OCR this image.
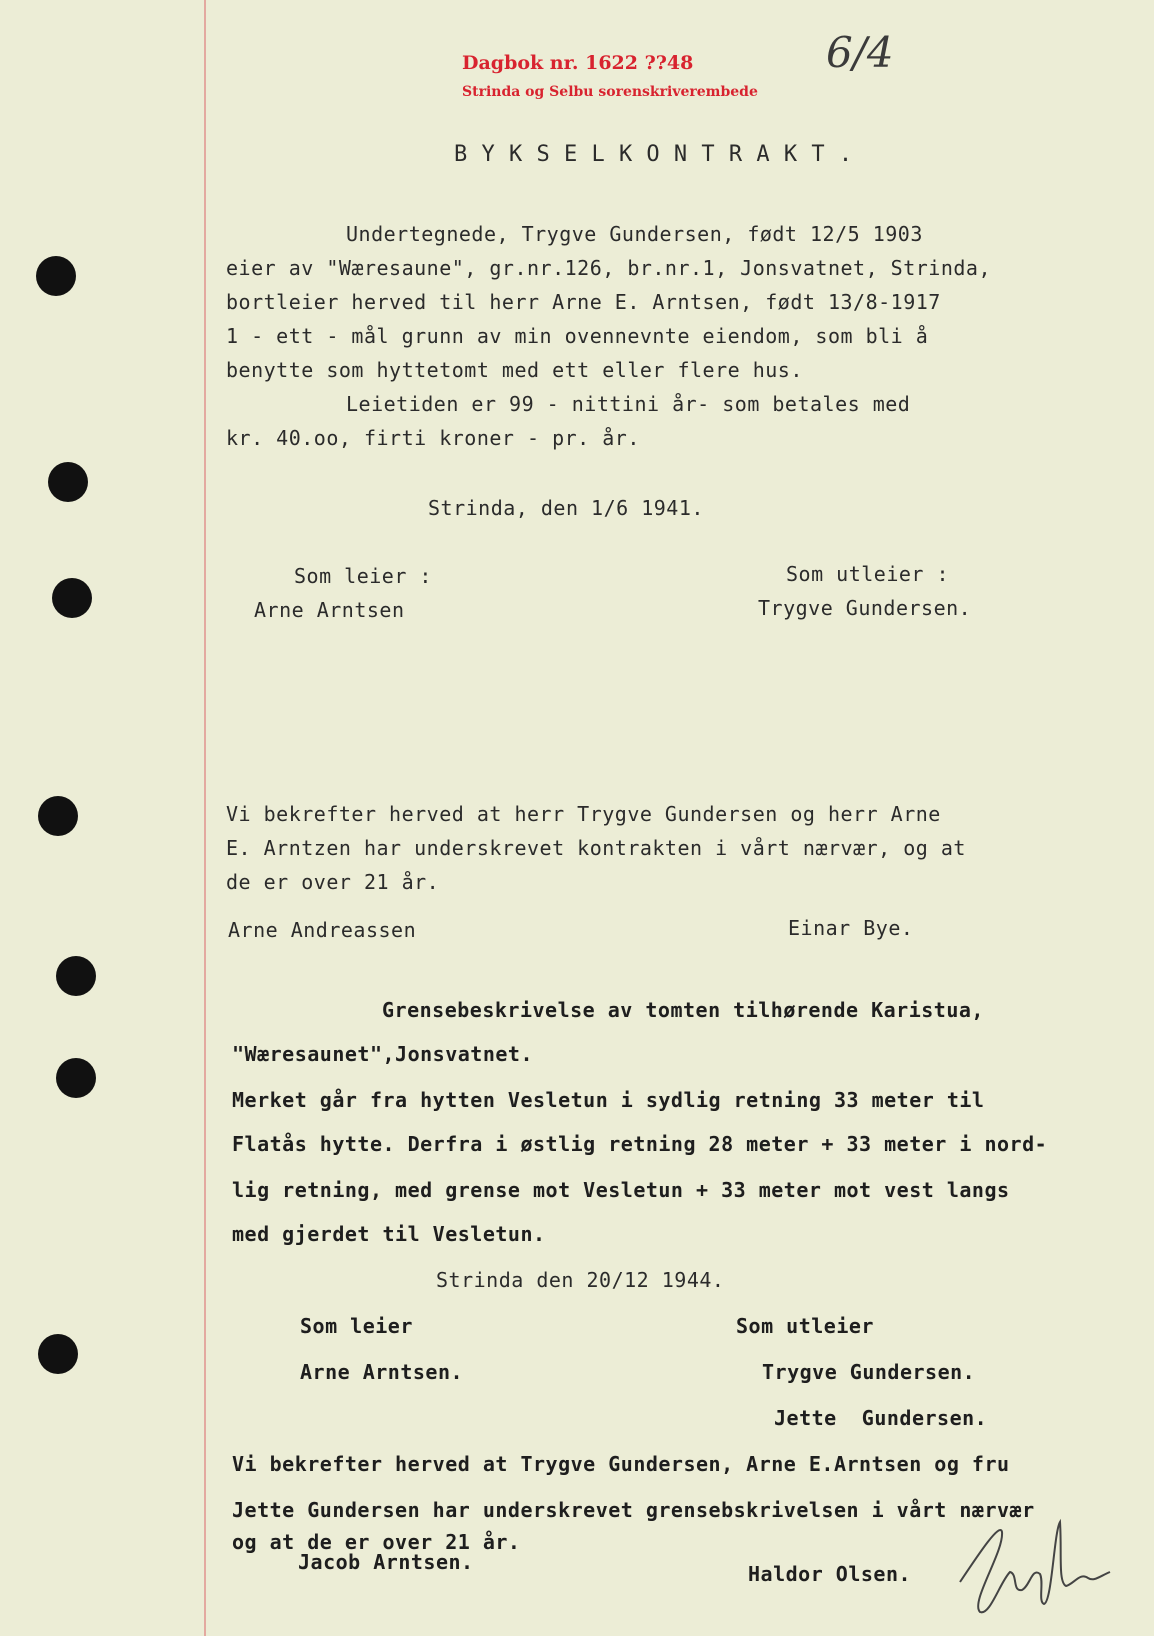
Dagbok nr. 1622 ??48
Strinda og Selbu sorenskriverembede
6/4
B Y K S E L K O N T R A K T .
Undertegnede, Trygve Gundersen, født 12/5 1903
eier av "Wæresaune", gr.nr.126, br.nr.1, Jonsvatnet, Strinda,
bortleier herved til herr Arne E. Arntsen, født 13/8-1917
1 - ett - mål grunn av min ovennevnte eiendom, som bli å
benytte som hyttetomt med ett eller flere hus.
Leietiden er 99 - nittini år- som betales med
kr. 40.oo, firti kroner - pr. år.
Strinda, den 1/6 1941.
Som leier :
Arne Arntsen
Som utleier :
Trygve Gundersen.
Vi bekrefter herved at herr Trygve Gundersen og herr Arne
E. Arntzen har underskrevet kontrakten i vårt nærvær, og at
de er over 21 år.
Arne Andreassen	Einar Bye.
Grensebeskrivelse av tomten tilhørende Karistua,
"Wæresaunet",Jonsvatnet.
Merket går fra hytten Vesletun i sydlig retning 33 meter til
Flatås hytte. Derfra i østlig retning 28 meter + 33 meter i nord-
lig retning, med grense mot Vesletun + 33 meter mot vest langs
med gjerdet til Vesletun.
Strinda den 20/12 1944.
Som leier
Arne Arntsen.
Som utleier
Trygve Gundersen.
Jette  Gundersen.
Vi bekrefter herved at Trygve Gundersen, Arne E.Arntsen og fru
Jette Gundersen har underskrevet grensebskrivelsen i vårt nærvær
og at de er over 21 år.
Jacob Arntsen.	Haldor Olsen.
